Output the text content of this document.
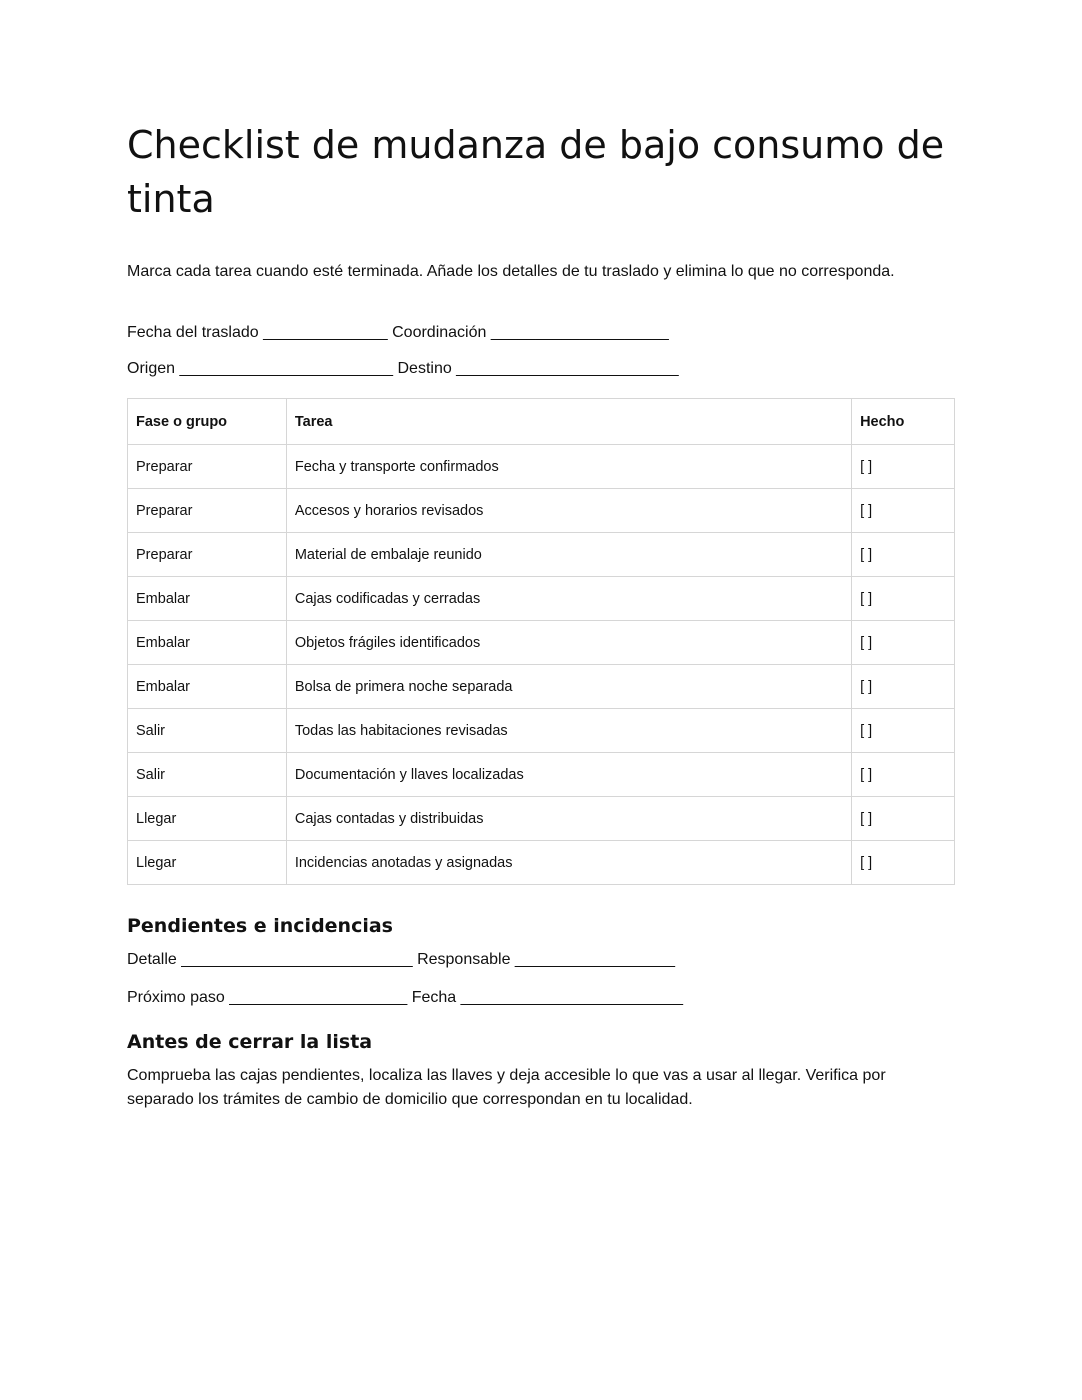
Checklist de mudanza de bajo consumo de tinta

Marca cada tarea cuando esté terminada. Añade los detalles de tu traslado y elimina lo que no corresponda.

Fecha del traslado ______________ Coordinación ____________________

Origen ________________________ Destino _________________________

Fase o grupo	Tarea	Hecho
Preparar	Fecha y transporte confirmados	[ ]
Preparar	Accesos y horarios revisados	[ ]
Preparar	Material de embalaje reunido	[ ]
Embalar	Cajas codificadas y cerradas	[ ]
Embalar	Objetos frágiles identificados	[ ]
Embalar	Bolsa de primera noche separada	[ ]
Salir	Todas las habitaciones revisadas	[ ]
Salir	Documentación y llaves localizadas	[ ]
Llegar	Cajas contadas y distribuidas	[ ]
Llegar	Incidencias anotadas y asignadas	[ ]
Pendientes e incidencias

Detalle __________________________ Responsable __________________

Próximo paso ____________________ Fecha _________________________

Antes de cerrar la lista

Comprueba las cajas pendientes, localiza las llaves y deja accesible lo que vas a usar al llegar. Verifica por separado los trámites de cambio de domicilio que correspondan en tu localidad.
